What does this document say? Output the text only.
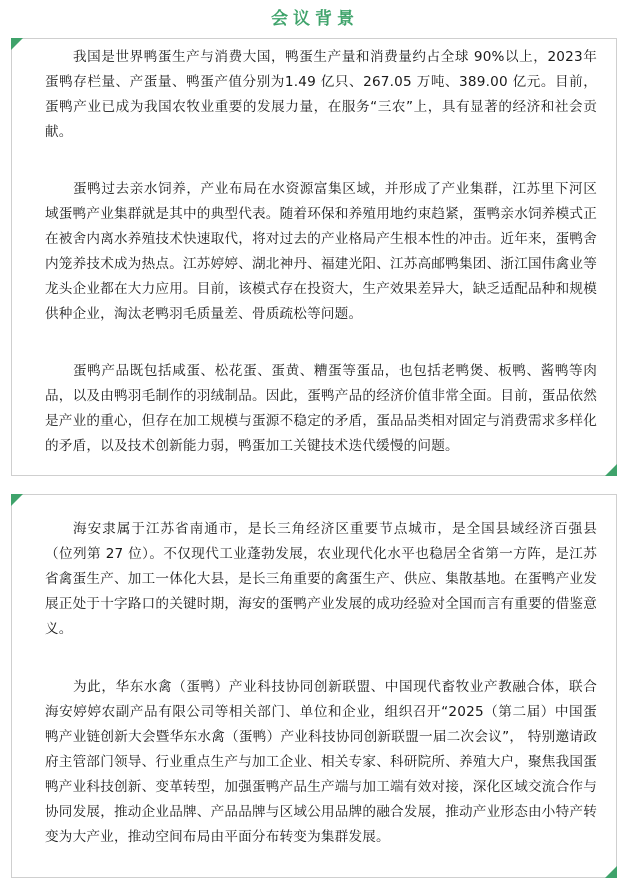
会议背景

我国是世界鸭蛋生产与消费大国，鸭蛋生产量和消费量约占全球 90%以上，2023年蛋鸭存栏量、产蛋量、鸭蛋产值分别为1.49 亿只、267.05 万吨、389.00 亿元。目前，蛋鸭产业已成为我国农牧业重要的发展力量，在服务“三农”上，具有显著的经济和社会贡献。

蛋鸭过去亲水饲养，产业布局在水资源富集区域，并形成了产业集群，江苏里下河区域蛋鸭产业集群就是其中的典型代表。随着环保和养殖用地约束趋紧，蛋鸭亲水饲养模式正在被舍内离水养殖技术快速取代，将对过去的产业格局产生根本性的冲击。近年来，蛋鸭舍内笼养技术成为热点。江苏婷婷、湖北神丹、福建光阳、江苏高邮鸭集团、浙江国伟禽业等龙头企业都在大力应用。目前，该模式存在投资大，生产效果差异大，缺乏适配品种和规模供种企业，淘汰老鸭羽毛质量差、骨质疏松等问题。

蛋鸭产品既包括咸蛋、松花蛋、蛋黄、糟蛋等蛋品，也包括老鸭煲、板鸭、酱鸭等肉品，以及由鸭羽毛制作的羽绒制品。因此，蛋鸭产品的经济价值非常全面。目前，蛋品依然是产业的重心，但存在加工规模与蛋源不稳定的矛盾，蛋品品类相对固定与消费需求多样化的矛盾，以及技术创新能力弱，鸭蛋加工关键技术迭代缓慢的问题。

海安隶属于江苏省南通市，是长三角经济区重要节点城市，是全国县域经济百强县（位列第 27 位）。不仅现代工业蓬勃发展，农业现代化水平也稳居全省第一方阵，是江苏省禽蛋生产、加工一体化大县，是长三角重要的禽蛋生产、供应、集散基地。在蛋鸭产业发展正处于十字路口的关键时期，海安的蛋鸭产业发展的成功经验对全国而言有重要的借鉴意义。

为此，华东水禽（蛋鸭）产业科技协同创新联盟、中国现代畜牧业产教融合体，联合海安婷婷农副产品有限公司等相关部门、单位和企业，组织召开“2025（第二届）中国蛋鸭产业链创新大会暨华东水禽（蛋鸭）产业科技协同创新联盟一届二次会议”， 特别邀请政府主管部门领导、行业重点生产与加工企业、相关专家、科研院所、养殖大户，聚焦我国蛋鸭产业科技创新、变革转型，加强蛋鸭产品生产端与加工端有效对接，深化区域交流合作与协同发展，推动企业品牌、产品品牌与区域公用品牌的融合发展，推动产业形态由小特产转变为大产业，推动空间布局由平面分布转变为集群发展。
